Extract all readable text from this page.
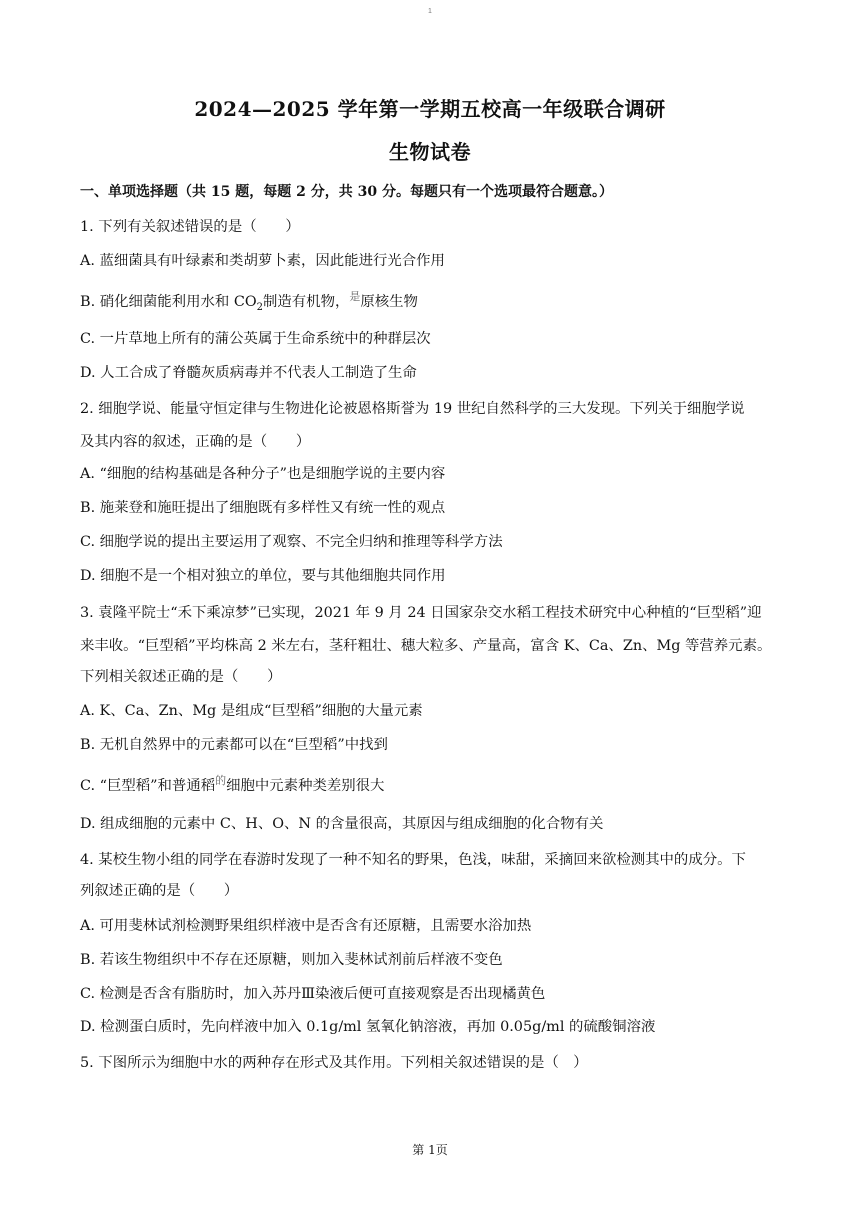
1
2024—2025 学年第一学期五校高一年级联合调研
生物试卷
一、单项选择题（共 15 题，每题 2 分，共 30 分。每题只有一个选项最符合题意。）
1. 下列有关叙述错误的是（　　）
A. 蓝细菌具有叶绿素和类胡萝卜素，因此能进行光合作用
B. 硝化细菌能利用水和 $CO_2$制造有机物，$^是$原核生物
C. 一片草地上所有的蒲公英属于生命系统中的种群层次
D. 人工合成了脊髓灰质病毒并不代表人工制造了生命
2. 细胞学说、能量守恒定律与生物进化论被恩格斯誉为 19 世纪自然科学的三大发现。下列关于细胞学说
及其内容的叙述，正确的是（　　）
A. “细胞的结构基础是各种分子”也是细胞学说的主要内容
B. 施莱登和施旺提出了细胞既有多样性又有统一性的观点
C. 细胞学说的提出主要运用了观察、不完全归纳和推理等科学方法
D. 细胞不是一个相对独立的单位，要与其他细胞共同作用
3. 袁隆平院士“禾下乘凉梦”已实现，2021 年 9 月 24 日国家杂交水稻工程技术研究中心种植的“巨型稻”迎
来丰收。“巨型稻”平均株高 2 米左右，茎秆粗壮、穗大粒多、产量高，富含 K、Ca、Zn、Mg 等营养元素。
下列相关叙述正确的是（　　）
A. K、Ca、Zn、Mg 是组成“巨型稻”细胞的大量元素
B. 无机自然界中的元素都可以在“巨型稻”中找到
C. “巨型稻”和普通稻$^的$细胞中元素种类差别很大
D. 组成细胞的元素中 C、H、O、N 的含量很高，其原因与组成细胞的化合物有关
4. 某校生物小组的同学在春游时发现了一种不知名的野果，色浅，味甜，采摘回来欲检测其中的成分。下
列叙述正确的是（　　）
A. 可用斐林试剂检测野果组织样液中是否含有还原糖，且需要水浴加热
B. 若该生物组织中不存在还原糖，则加入斐林试剂前后样液不变色
C. 检测是否含有脂肪时，加入苏丹Ⅲ染液后便可直接观察是否出现橘黄色
D. 检测蛋白质时，先向样液中加入 0.1g/ml 氢氧化钠溶液，再加 0.05g/ml 的硫酸铜溶液
5. 下图所示为细胞中水的两种存在形式及其作用。下列相关叙述错误的是（　）
第 1页
